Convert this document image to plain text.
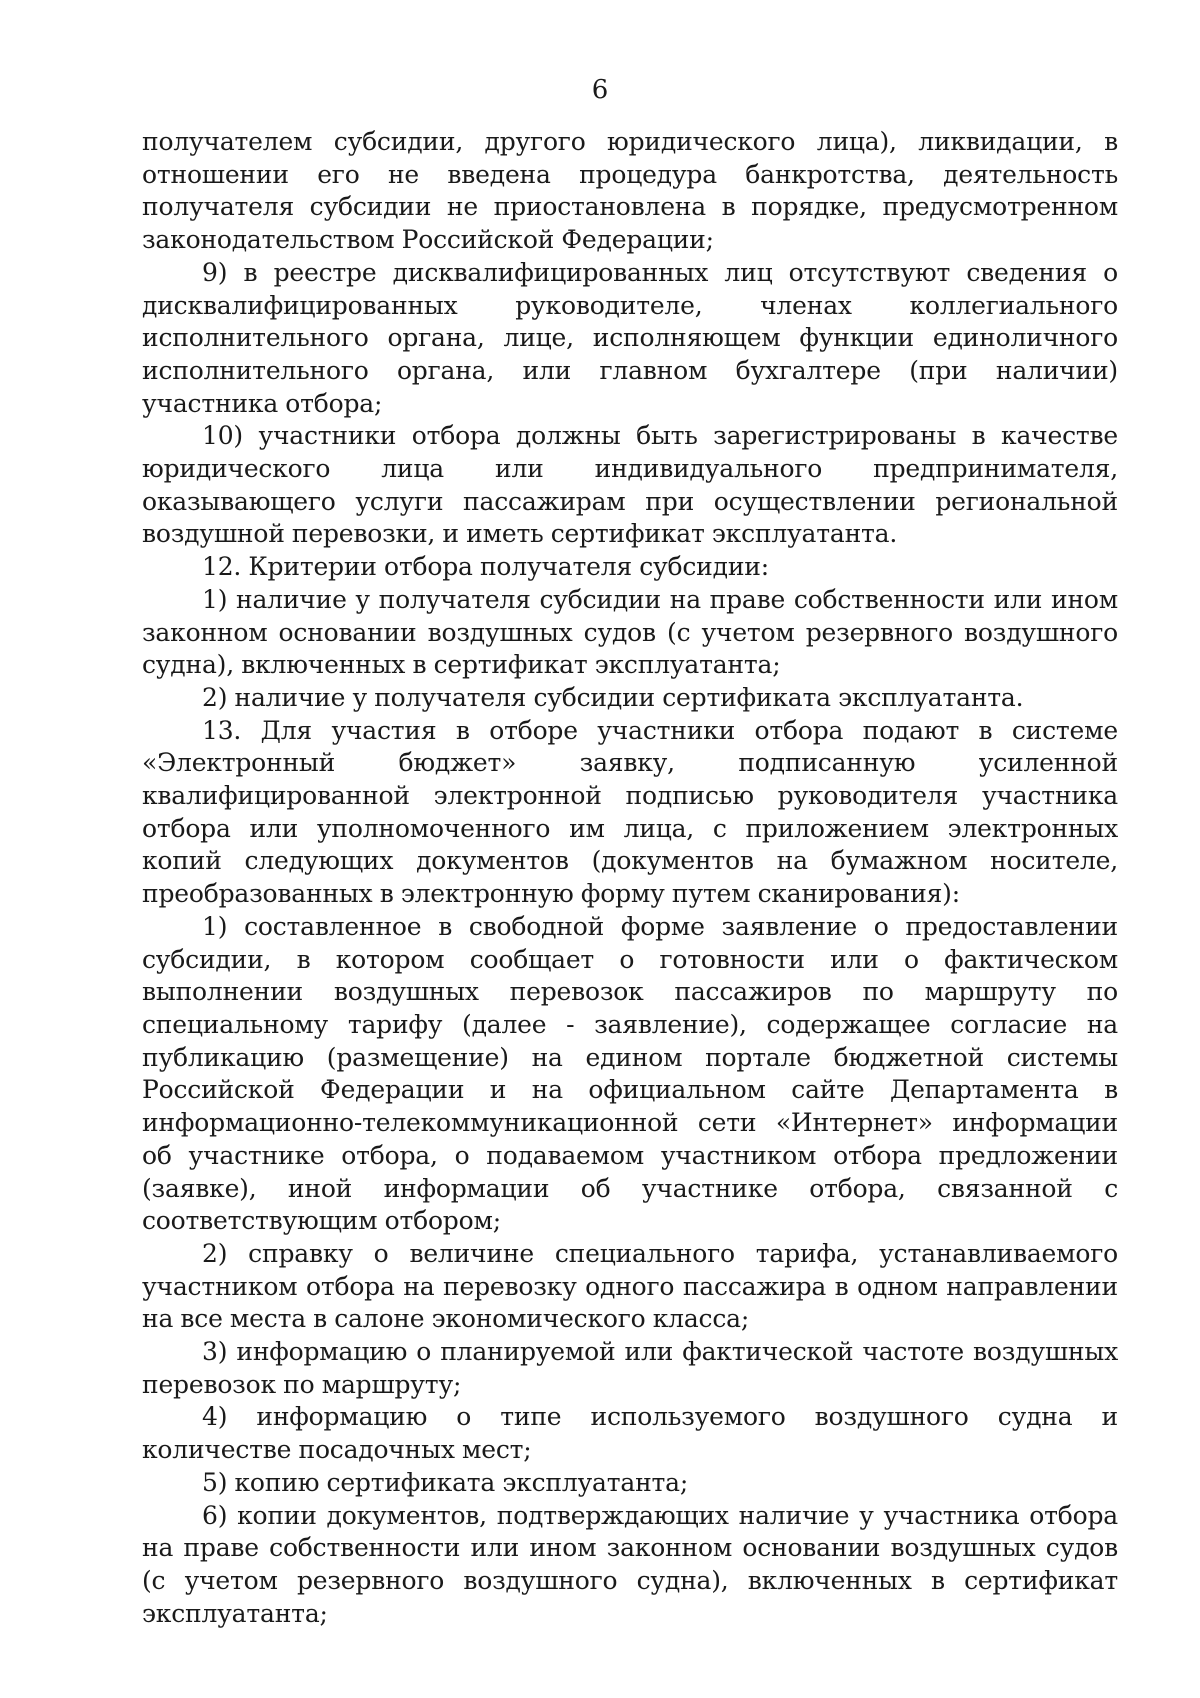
6

получателем субсидии, другого юридического лица), ликвидации, в отношении его не введена процедура банкротства, деятельность получателя субсидии не приостановлена в порядке, предусмотренном законодательством Российской Федерации;

9) в реестре дисквалифицированных лиц отсутствуют сведения о дисквалифицированных руководителе, членах коллегиального исполнительного органа, лице, исполняющем функции единоличного исполнительного органа, или главном бухгалтере (при наличии) участника отбора;

10) участники отбора должны быть зарегистрированы в качестве юридического лица или индивидуального предпринимателя, оказывающего услуги пассажирам при осуществлении региональной воздушной перевозки, и иметь сертификат эксплуатанта.

12. Критерии отбора получателя субсидии:

1) наличие у получателя субсидии на праве собственности или ином законном основании воздушных судов (с учетом резервного воздушного судна), включенных в сертификат эксплуатанта;

2) наличие у получателя субсидии сертификата эксплуатанта.

13. Для участия в отборе участники отбора подают в системе «Электронный бюджет» заявку, подписанную усиленной квалифицированной электронной подписью руководителя участника отбора или уполномоченного им лица, с приложением электронных копий следующих документов (документов на бумажном носителе, преобразованных в электронную форму путем сканирования):

1) составленное в свободной форме заявление о предоставлении субсидии, в котором сообщает о готовности или о фактическом выполнении воздушных перевозок пассажиров по маршруту по специальному тарифу (далее - заявление), содержащее согласие на публикацию (размещение) на едином портале бюджетной системы Российской Федерации и на официальном сайте Департамента в информационно-телекоммуникационной сети «Интернет» информации об участнике отбора, о подаваемом участником отбора предложении (заявке), иной информации об участнике отбора, связанной с соответствующим отбором;

2) справку о величине специального тарифа, устанавливаемого участником отбора на перевозку одного пассажира в одном направлении на все места в салоне экономического класса;

3) информацию о планируемой или фактической частоте воздушных перевозок по маршруту;

4) информацию о типе используемого воздушного судна и количестве посадочных мест;

5) копию сертификата эксплуатанта;

6) копии документов, подтверждающих наличие у участника отбора на праве собственности или ином законном основании воздушных судов (с учетом резервного воздушного судна), включенных в сертификат эксплуатанта;
